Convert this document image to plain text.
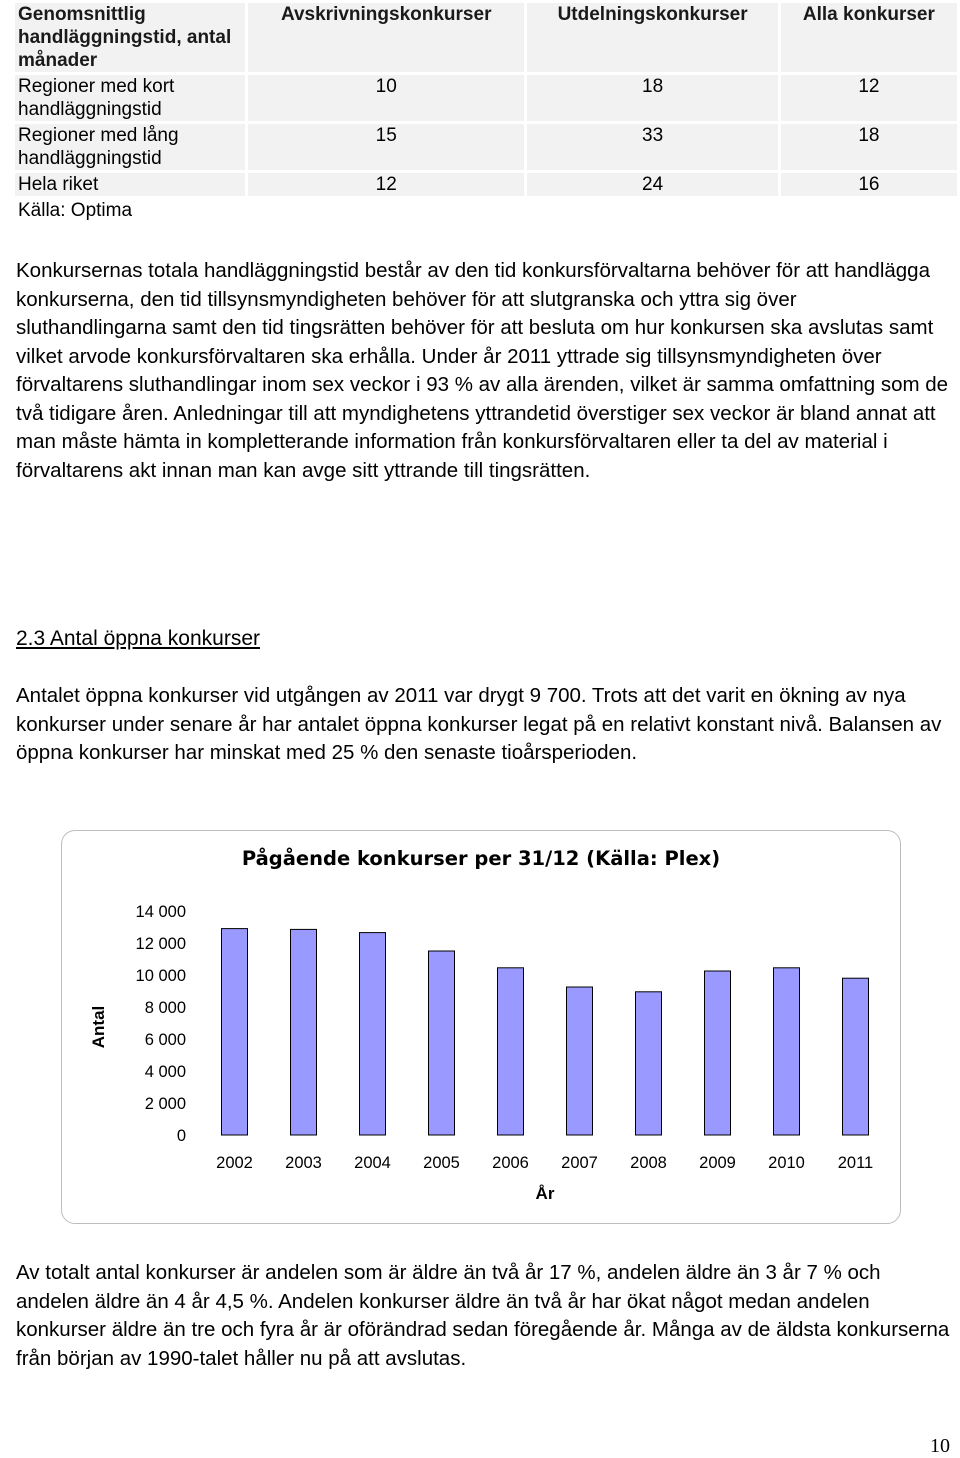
Genomsnittlig handläggningstid, antal månader	Avskrivningskonkurser	Utdelningskonkurser	Alla konkurser
Regioner med kort handläggningstid	10	18	12
Regioner med lång handläggningstid	15	33	18
Hela riket	12	24	16
Källa: Optima			

Konkursernas totala handläggningstid består av den tid konkursförvaltarna behöver för att handlägga konkurserna, den tid tillsynsmyndigheten behöver för att slutgranska och yttra sig över sluthandlingarna samt den tid tingsrätten behöver för att besluta om hur konkursen ska avslutas samt vilket arvode konkursförvaltaren ska erhålla. Under år 2011 yttrade sig tillsynsmyndigheten över förvaltarens sluthandlingar inom sex veckor i 93 % av alla ärenden, vilket är samma omfattning som de två tidigare åren. Anledningar till att myndighetens yttrandetid överstiger sex veckor är bland annat att man måste hämta in kompletterande information från konkursförvaltaren eller ta del av material i förvaltarens akt innan man kan avge sitt yttrande till tingsrätten.

2.3 Antal öppna konkurser

Antalet öppna konkurser vid utgången av 2011 var drygt 9 700. Trots att det varit en ökning av nya konkurser under senare år har antalet öppna konkurser legat på en relativt konstant nivå. Balansen av öppna konkurser har minskat med 25 % den senaste tioårsperioden.

Pågående konkurser per 31/12 (Källa: Plex)
Antal
År
0
2 000
4 000
6 000
8 000
10 000
12 000
14 000
2002 2003 2004 2005 2006 2007 2008 2009 2010 2011

Av totalt antal konkurser är andelen som är äldre än två år 17 %, andelen äldre än 3 år 7 % och andelen äldre än 4 år 4,5 %. Andelen konkurser äldre än två år har ökat något medan andelen konkurser äldre än tre och fyra år är oförändrad sedan föregående år. Många av de äldsta konkurserna från början av 1990-talet håller nu på att avslutas.

10
